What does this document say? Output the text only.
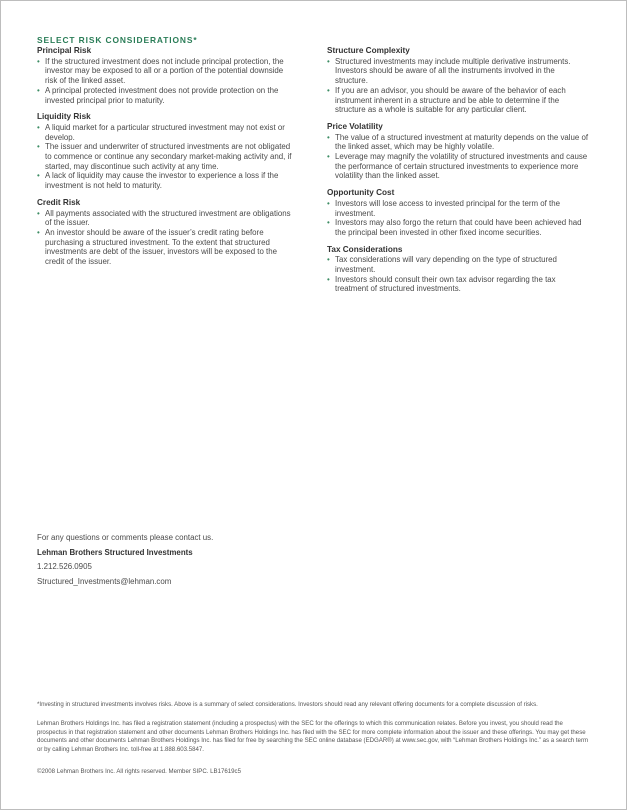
SELECT RISK CONSIDERATIONS*
Principal Risk
• If the structured investment does not include principal protection, the investor may be exposed to all or a portion of the potential downside risk of the linked asset.
• A principal protected investment does not provide protection on the invested principal prior to maturity.
Liquidity Risk
• A liquid market for a particular structured investment may not exist or develop.
• The issuer and underwriter of structured investments are not obligated to commence or continue any secondary market-making activity and, if started, may discontinue such activity at any time.
• A lack of liquidity may cause the investor to experience a loss if the investment is not held to maturity.
Credit Risk
• All payments associated with the structured investment are obligations of the issuer.
• An investor should be aware of the issuer’s credit rating before purchasing a structured investment. To the extent that structured investments are debt of the issuer, investors will be exposed to the credit of the issuer.
Structure Complexity
• Structured investments may include multiple derivative instruments. Investors should be aware of all the instruments involved in the structure.
• If you are an advisor, you should be aware of the behavior of each instrument inherent in a structure and be able to determine if the structure as a whole is suitable for any particular client.
Price Volatility
• The value of a structured investment at maturity depends on the value of the linked asset, which may be highly volatile.
• Leverage may magnify the volatility of structured investments and cause the performance of certain structured investments to experience more volatility than the linked asset.
Opportunity Cost
• Investors will lose access to invested principal for the term of the investment.
• Investors may also forgo the return that could have been achieved had the principal been invested in other fixed income securities.
Tax Considerations
• Tax considerations will vary depending on the type of structured investment.
• Investors should consult their own tax advisor regarding the tax treatment of structured investments.
For any questions or comments please contact us.
Lehman Brothers Structured Investments
1.212.526.0905
Structured_Investments@lehman.com
*Investing in structured investments involves risks. Above is a summary of select considerations. Investors should read any relevant offering documents for a complete discussion of risks.
Lehman Brothers Holdings Inc. has filed a registration statement (including a prospectus) with the SEC for the offerings to which this communication relates. Before you invest, you should read the prospectus in that registration statement and other documents Lehman Brothers Holdings Inc. has filed with the SEC for more complete information about the issuer and these offerings. You may get these documents and other documents Lehman Brothers Holdings Inc. has filed for free by searching the SEC online database (EDGAR®) at www.sec.gov, with “Lehman Brothers Holdings Inc.” as a search term or by calling Lehman Brothers Inc. toll-free at 1.888.603.5847.
©2008 Lehman Brothers Inc. All rights reserved. Member SIPC. LB17619c5
